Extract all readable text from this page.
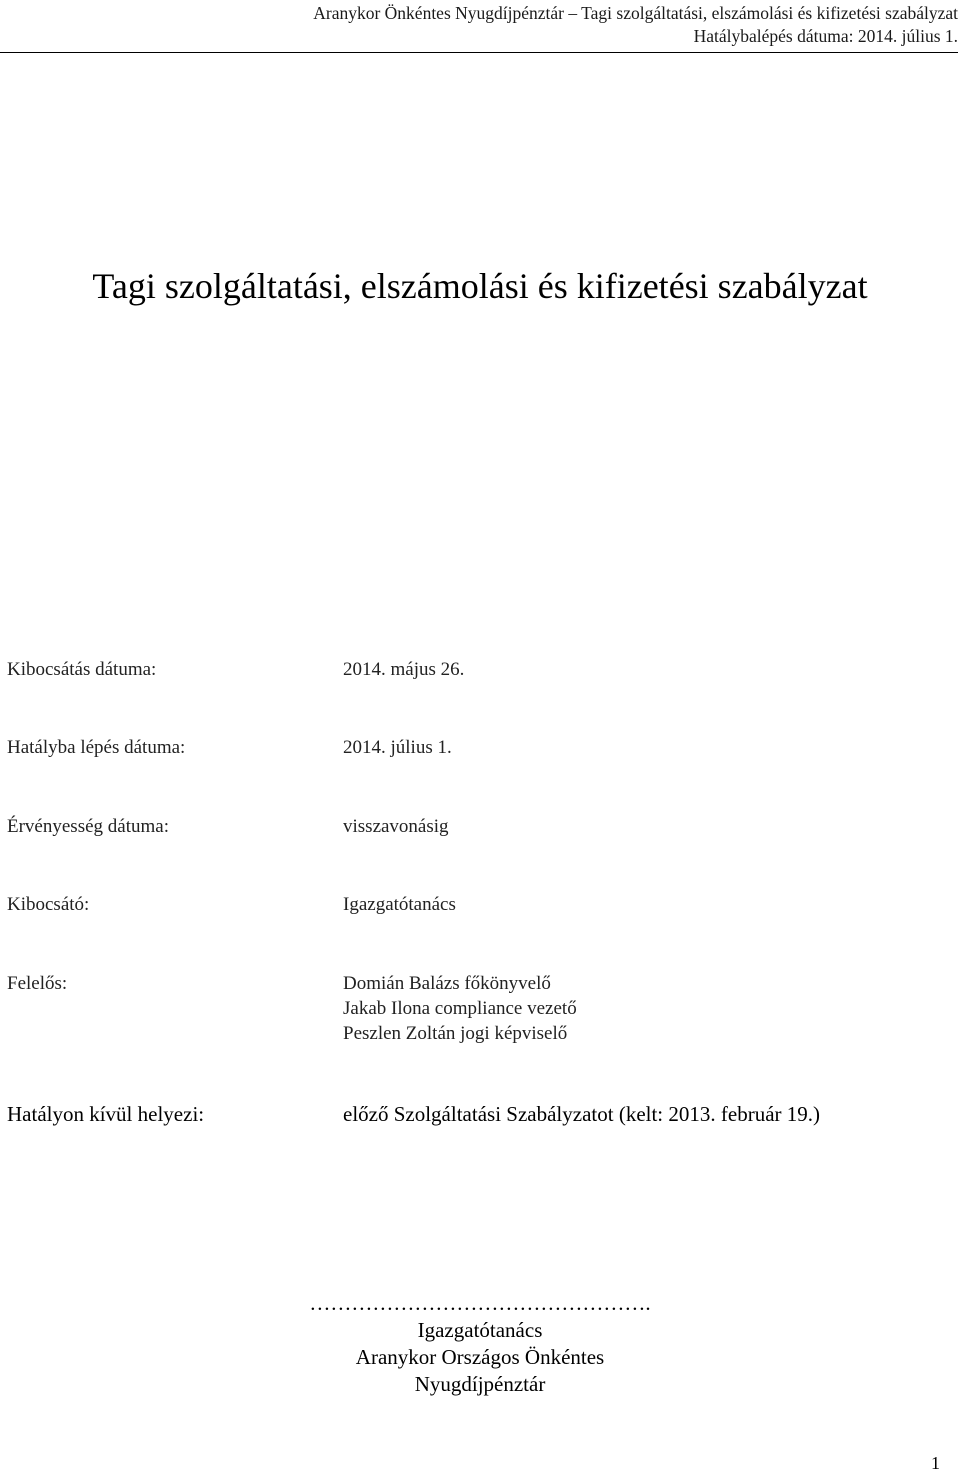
Aranykor Önkéntes Nyugdíjpénztár – Tagi szolgáltatási, elszámolási és kifizetési szabályzat
Hatálybalépés dátuma: 2014. július 1.
Tagi szolgáltatási, elszámolási és kifizetési szabályzat
Kibocsátás dátuma:	2014. május 26.
Hatályba lépés dátuma:	2014. július 1.
Érvényesség dátuma:	visszavonásig
Kibocsátó:	Igazgatótanács
Felelős:	Domián Balázs főkönyvelő
Jakab Ilona compliance vezető
Peszlen Zoltán jogi képviselő
Hatályon kívül helyezi:	előző Szolgáltatási Szabályzatot (kelt: 2013. február 19.)
………………………………………….
Igazgatótanács
Aranykor Országos Önkéntes
Nyugdíjpénztár
1
